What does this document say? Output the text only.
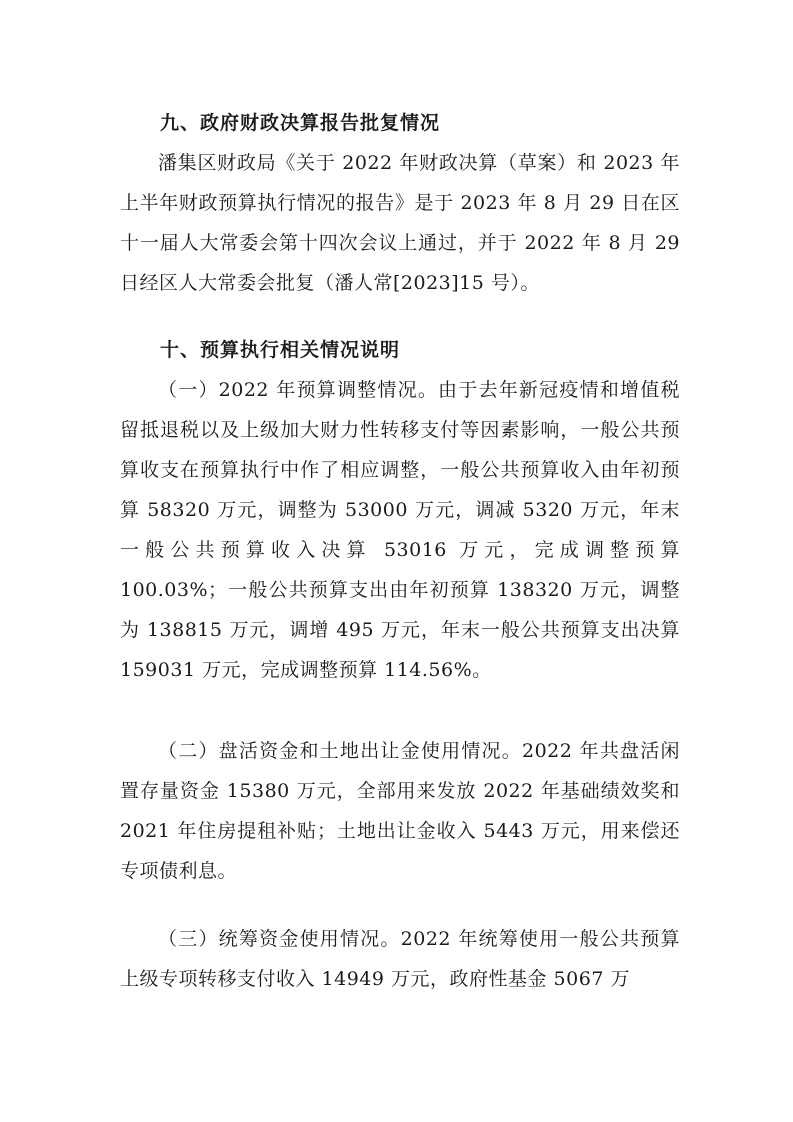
九、政府财政决算报告批复情况

潘集区财政局《关于 2022 年财政决算（草案）和 2023 年上半年财政预算执行情况的报告》是于 2023 年 8 月 29 日在区十一届人大常委会第十四次会议上通过，并于 2022 年 8 月 29 日经区人大常委会批复（潘人常[2023]15 号）。

十、预算执行相关情况说明

（一）2022 年预算调整情况。由于去年新冠疫情和增值税留抵退税以及上级加大财力性转移支付等因素影响，一般公共预算收支在预算执行中作了相应调整，一般公共预算收入由年初预算 58320 万元，调整为 53000 万元，调减 5320 万元，年末一般公共预算收入决算 53016 万元，完成调整预算 100.03%；一般公共预算支出由年初预算 138320 万元，调整为 138815 万元，调增 495 万元，年末一般公共预算支出决算 159031 万元，完成调整预算 114.56%。

（二）盘活资金和土地出让金使用情况。2022 年共盘活闲置存量资金 15380 万元，全部用来发放 2022 年基础绩效奖和 2021 年住房提租补贴；土地出让金收入 5443 万元，用来偿还专项债利息。

（三）统筹资金使用情况。2022 年统筹使用一般公共预算上级专项转移支付收入 14949 万元，政府性基金 5067 万
